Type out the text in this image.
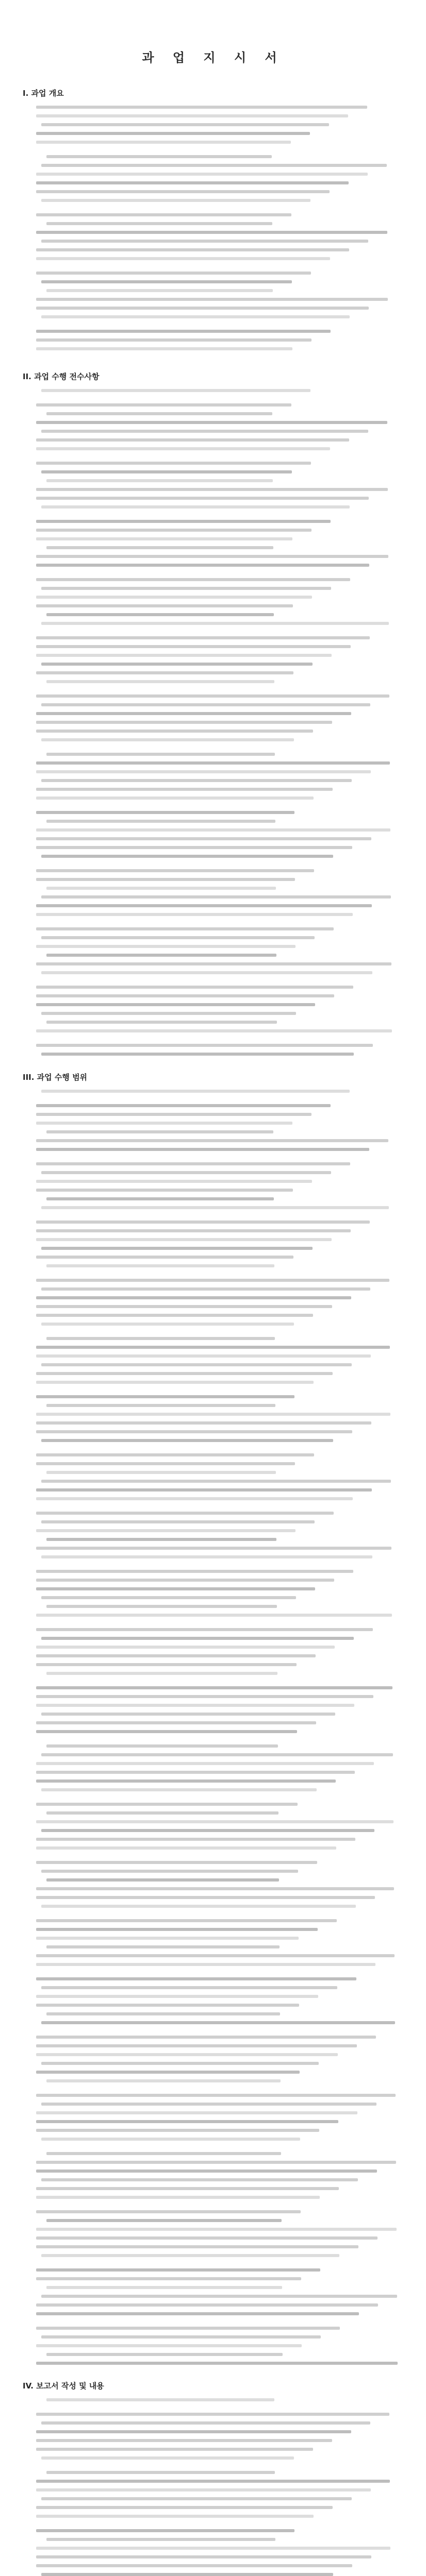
과 업 지 시 서
I. 과업 개요
II. 과업 수행 전수사항
III. 과업 수행 범위
IV. 보고서 작성 및 내용
